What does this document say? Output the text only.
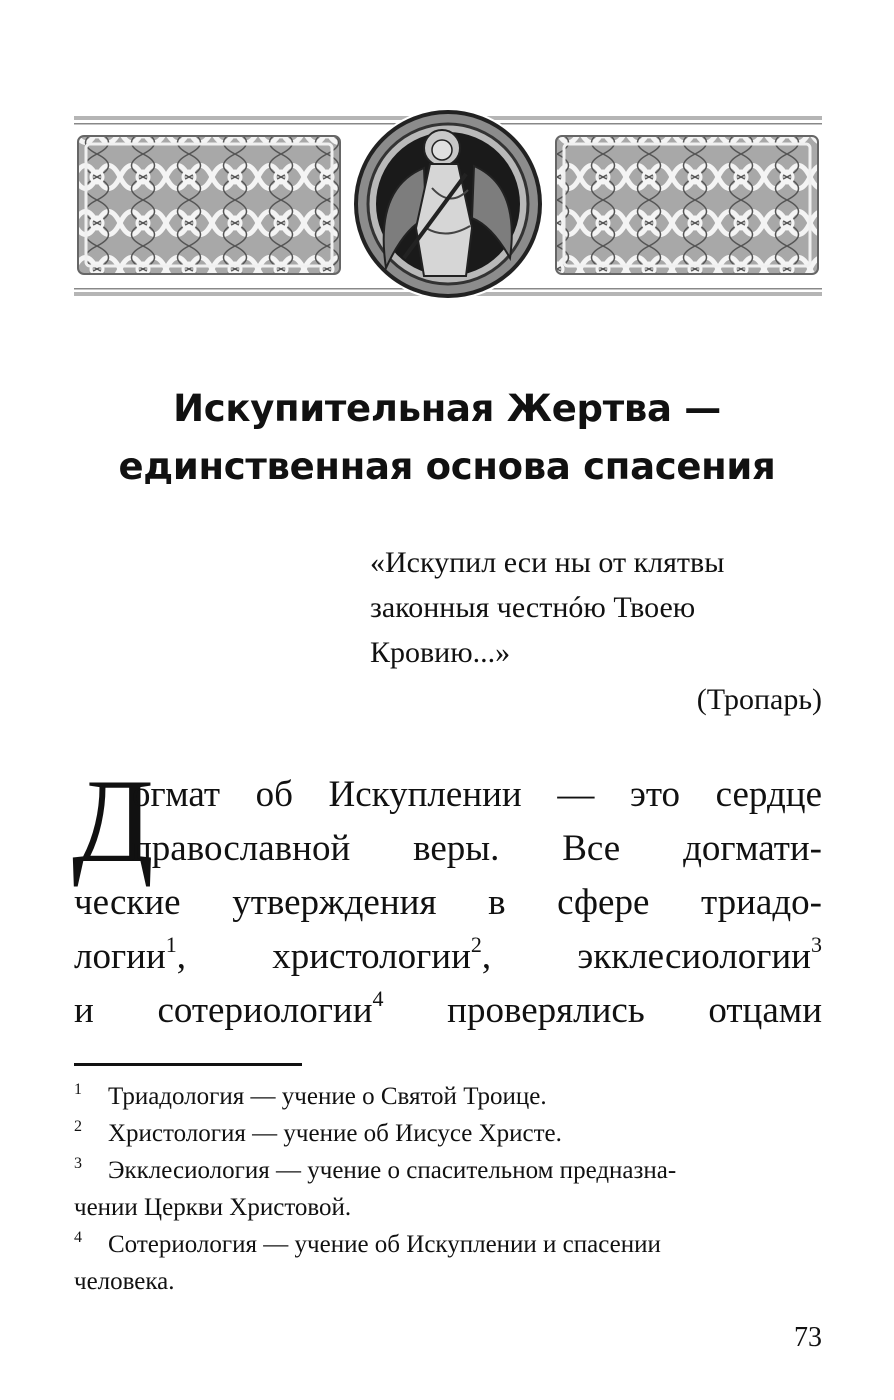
Искупительная Жертва —
единственная основа спасения
«Искупил еси ны от клятвы
законныя честнóю Твоею
Кровию...»
(Тропарь)
Д
огмат об Искуплении — это сердце
православной веры. Все догмати-
ческие утверждения в сфере триадо-
логии$^1$, христологии$^2$, экклесиологии$^3$
и сотериологии$^4$ проверялись отцами
1 Триадология — учение о Святой Троице.
2 Христология — учение об Иисусе Христе.
3 Экклесиология — учение о спасительном предназна-
чении Церкви Христовой.
4 Сотериология — учение об Искуплении и спасении
человека.
73
